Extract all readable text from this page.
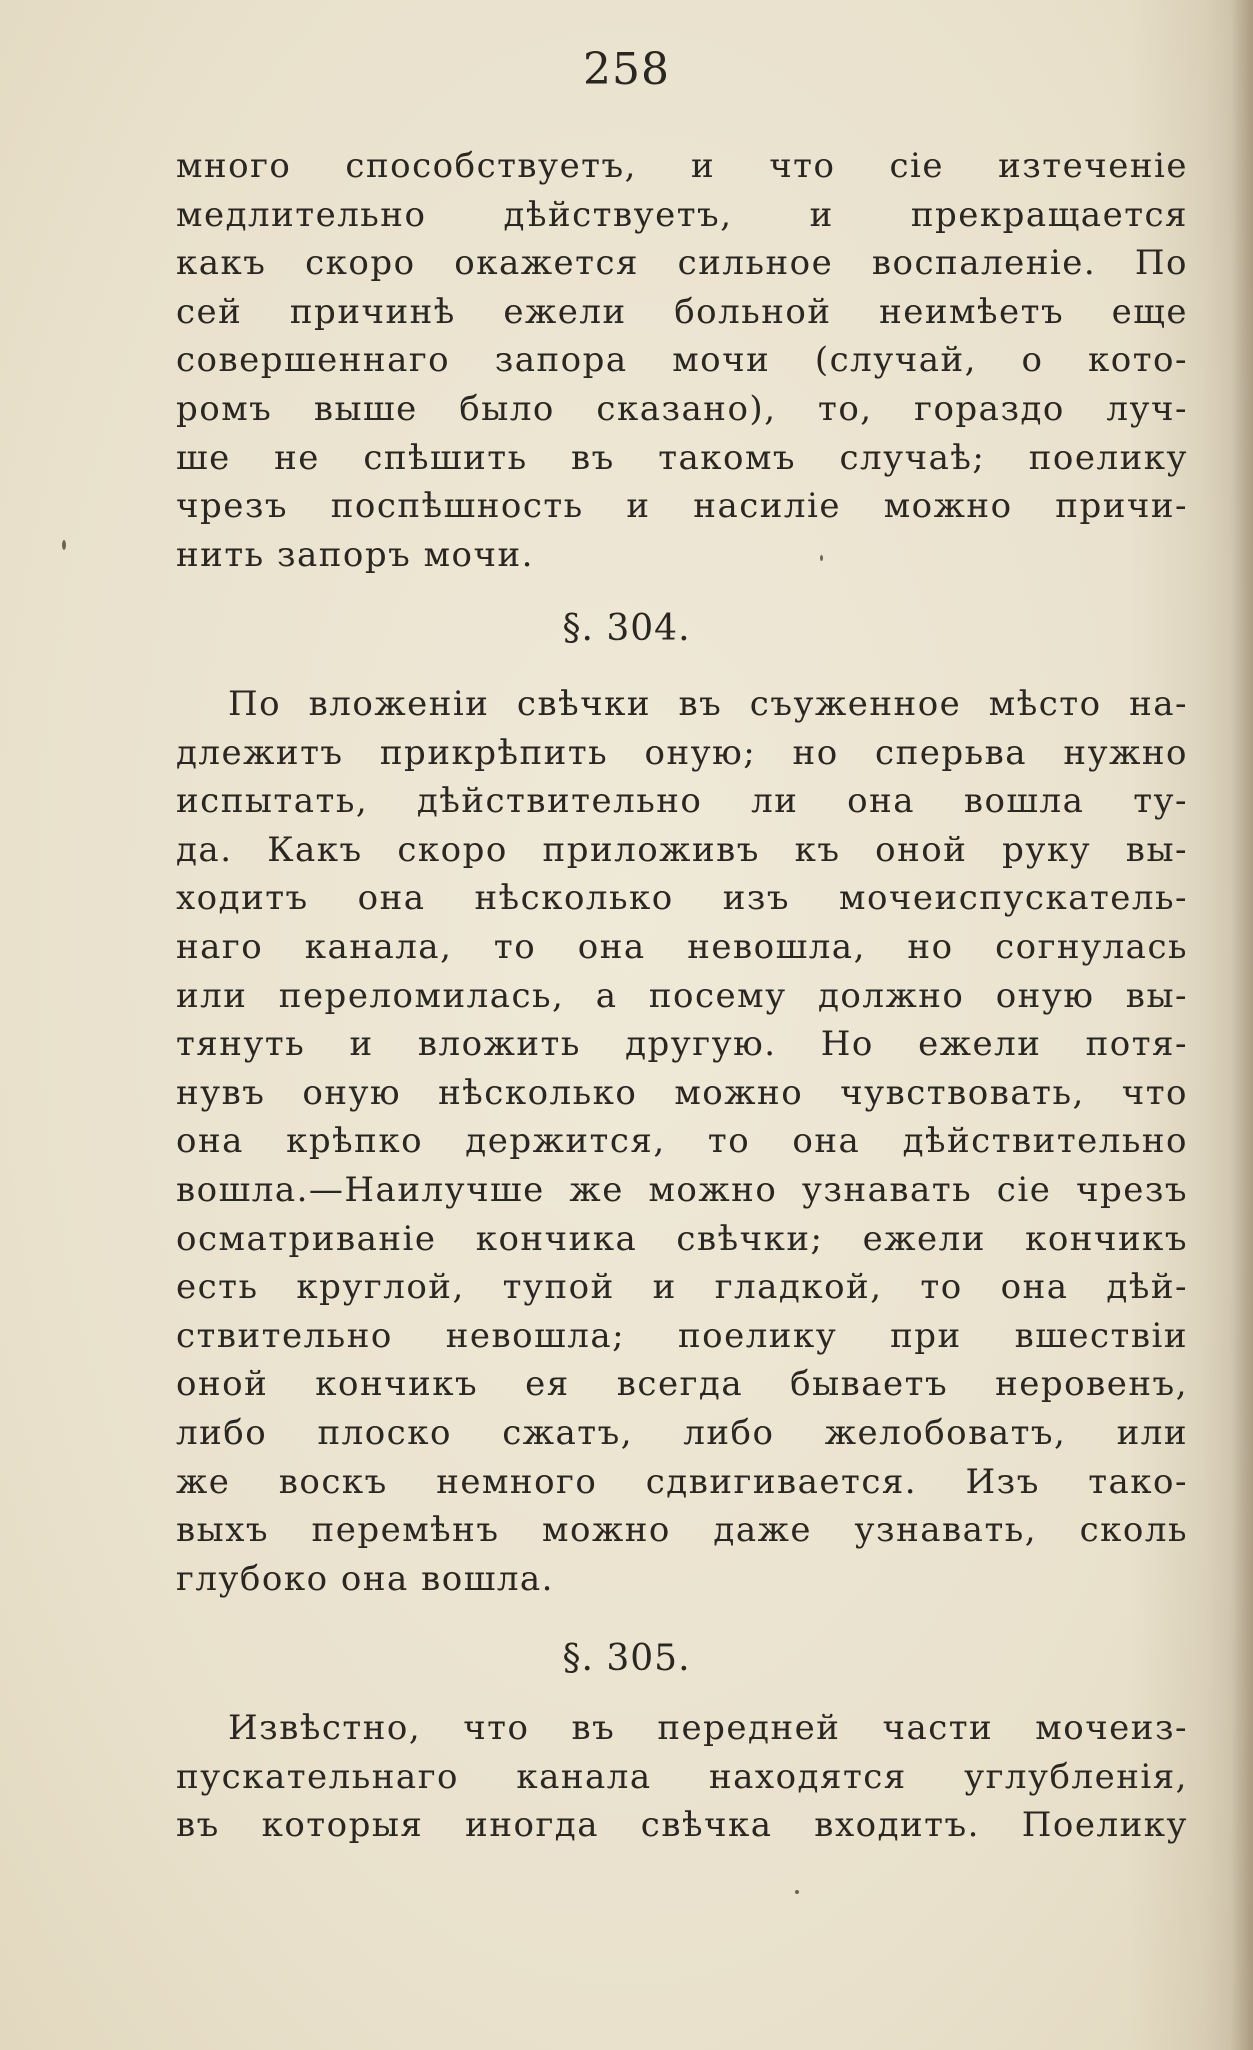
258
много способствуетъ, и что сіе изтеченіе
медлительно дѣйствуетъ, и прекращается
какъ скоро окажется сильное воспаленіе. По
сей причинѣ ежели больной неимѣетъ еще
совершеннаго запора мочи (случай, о кото-
ромъ выше было сказано), то, гораздо луч-
ше не спѣшить въ такомъ случаѣ; поелику
чрезъ поспѣшность и насиліе можно причи-
нить запоръ мочи.
§. 304.
По вложеніи свѣчки въ съуженное мѣсто на-
длежитъ прикрѣпить оную; но сперьва нужно
испытать, дѣйствительно ли она вошла ту-
да. Какъ скоро приложивъ къ оной руку вы-
ходитъ она нѣсколько изъ мочеиспускатель-
наго канала, то она невошла, но согнулась
или переломилась, а посему должно оную вы-
тянуть и вложить другую. Но ежели потя-
нувъ оную нѣсколько можно чувствовать, что
она крѣпко держится, то она дѣйствительно
вошла.—Наилучше же можно узнавать сіе чрезъ
осматриваніе кончика свѣчки; ежели кончикъ
есть круглой, тупой и гладкой, то она дѣй-
ствительно невошла; поелику при вшествіи
оной кончикъ ея всегда бываетъ неровенъ,
либо плоско сжатъ, либо желобоватъ, или
же воскъ немного сдвигивается. Изъ тако-
выхъ перемѣнъ можно даже узнавать, сколь
глубоко она вошла.
§. 305.
Извѣстно, что въ передней части мочеиз-
пускательнаго канала находятся углубленія,
въ которыя иногда свѣчка входитъ. Поелику
